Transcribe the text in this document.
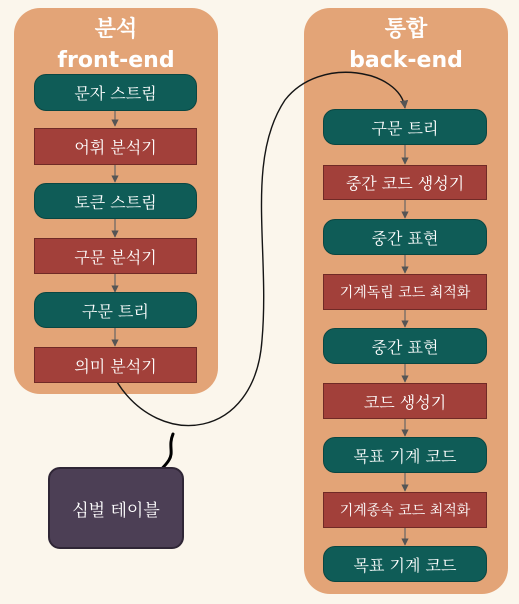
분석
front-end
통합
back-end
문자 스트림
어휘 분석기
토큰 스트림
구문 분석기
구문 트리
의미 분석기
구문 트리
중간 코드 생성기
중간 표현
기계독립 코드 최적화
중간 표현
코드 생성기
목표 기계 코드
기계종속 코드 최적화
목표 기계 코드
심벌 테이블
